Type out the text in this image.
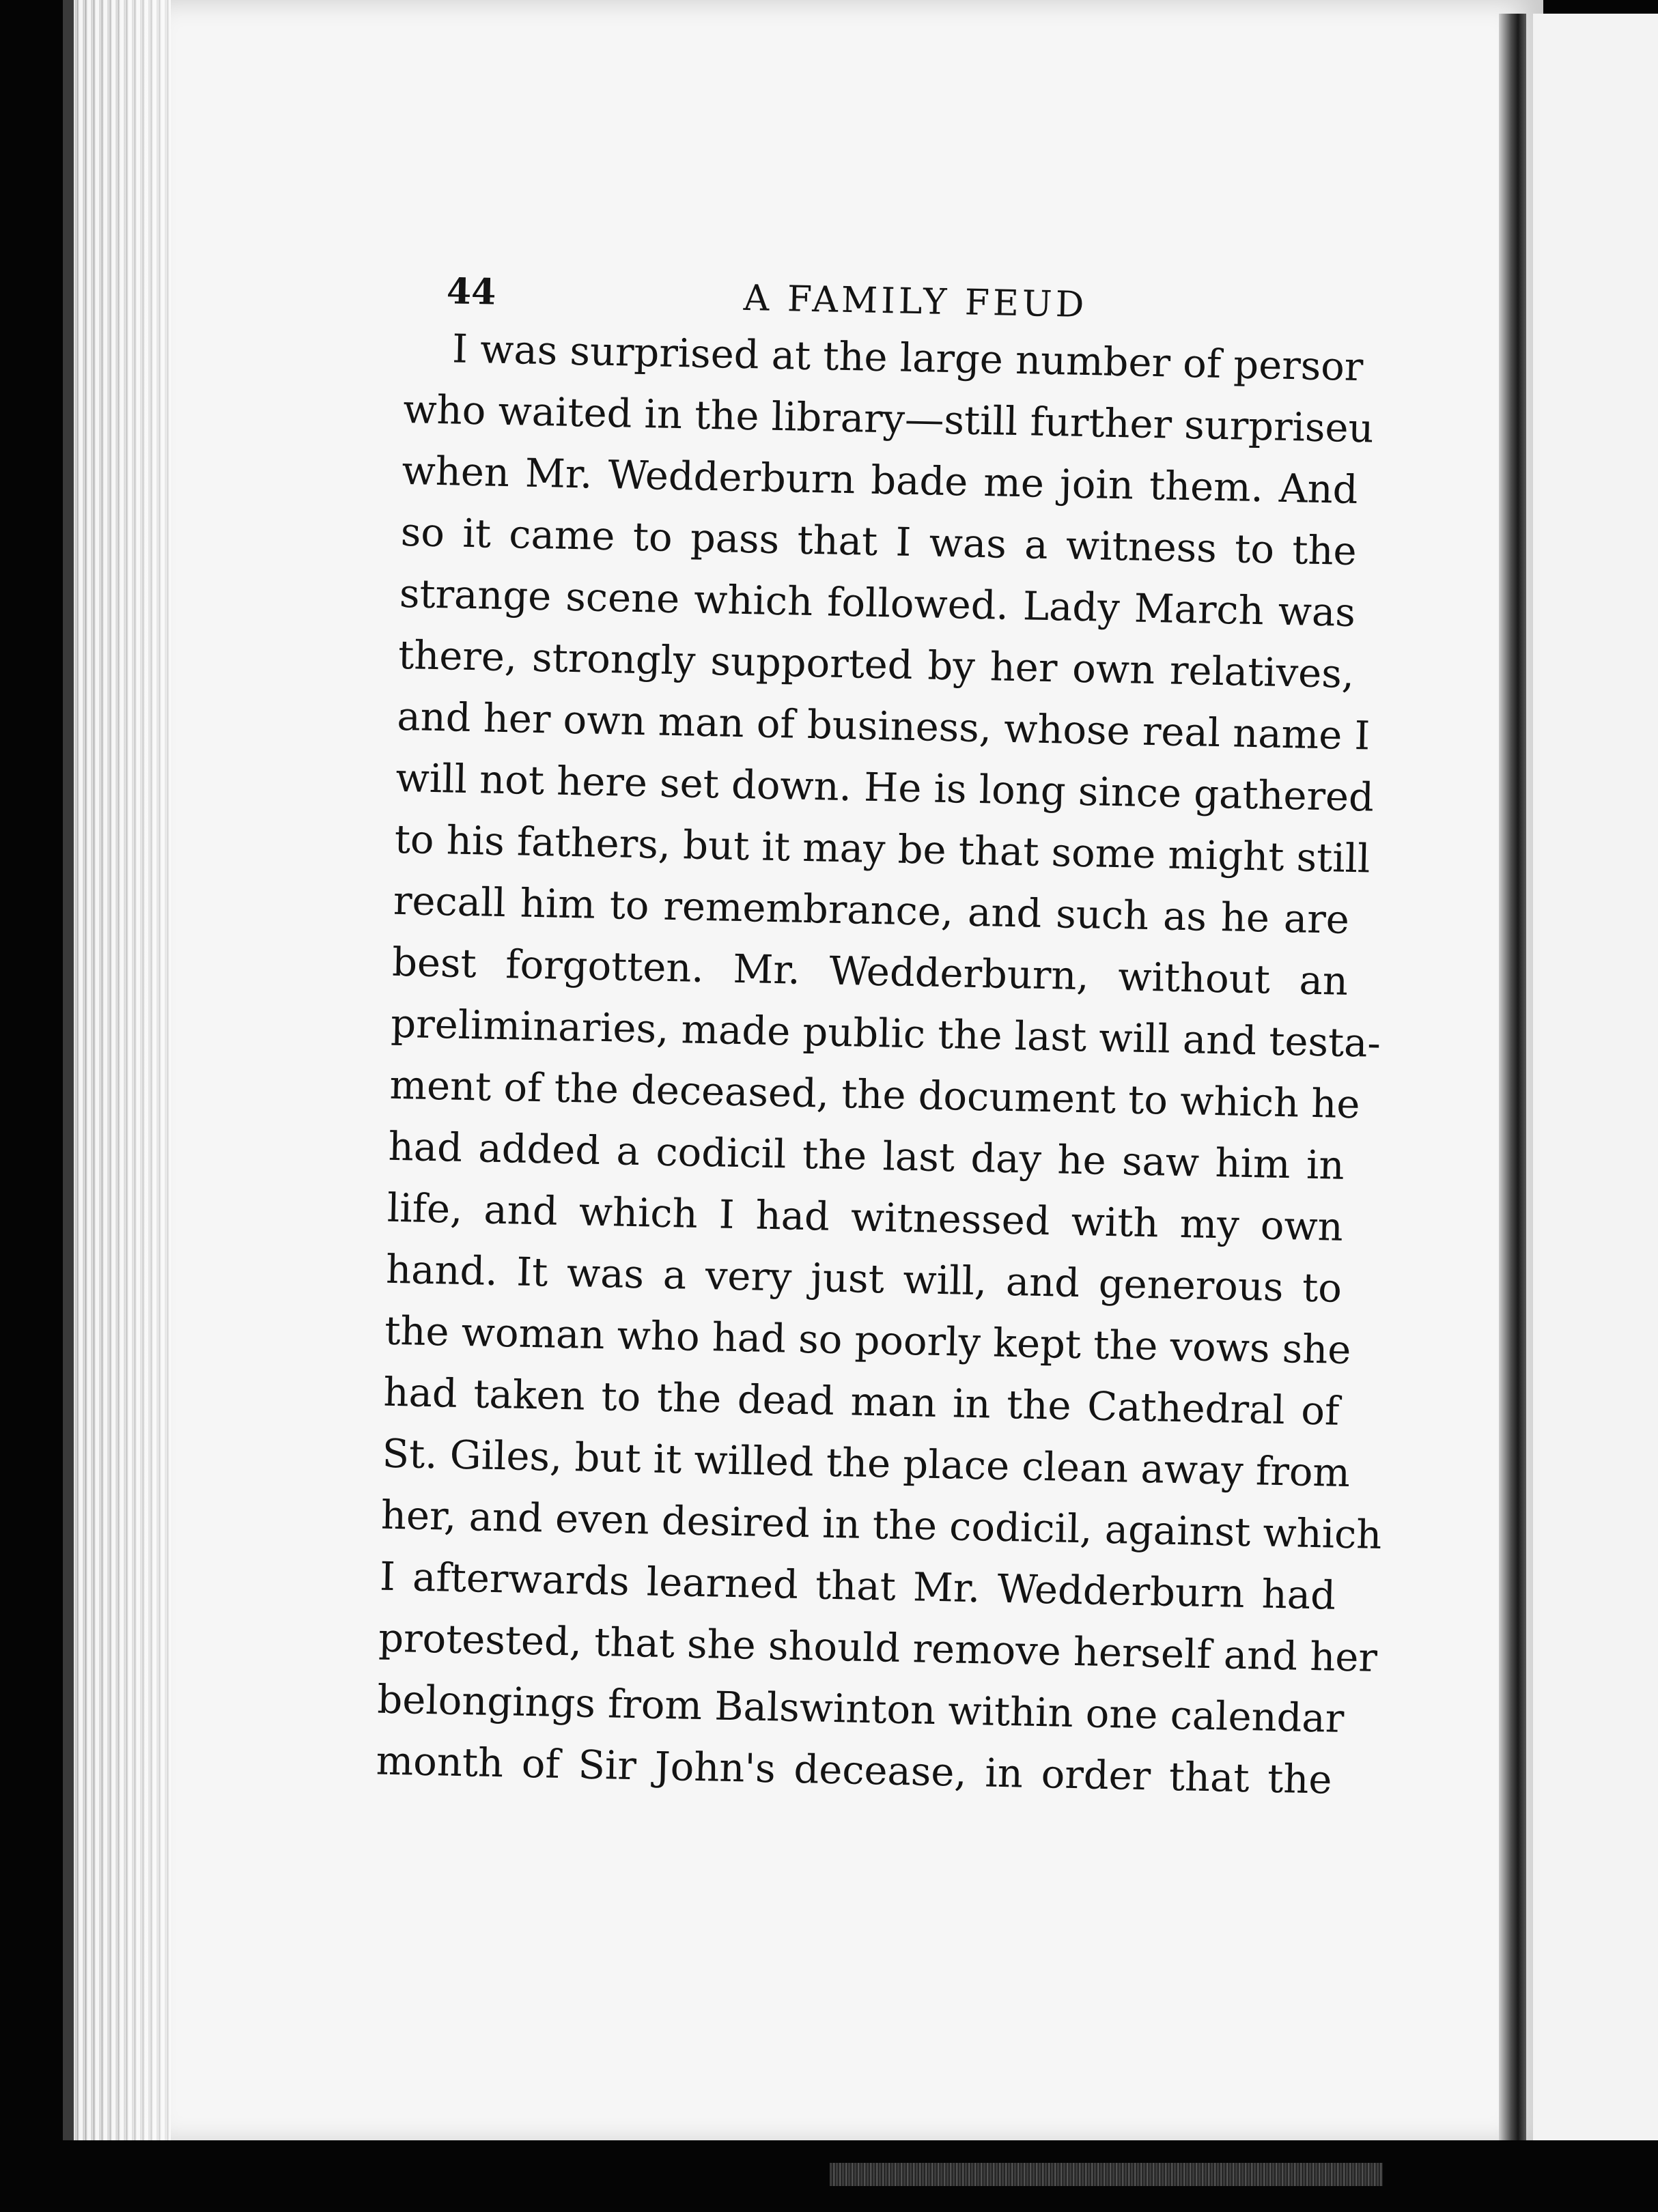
44	A FAMILY FEUD
I was surprised at the large number of persor
who waited in the library—still further surpriseu
when Mr. Wedderburn bade me join them. And
so it came to pass that I was a witness to the
strange scene which followed. Lady March was
there, strongly supported by her own relatives,
and her own man of business, whose real name I
will not here set down. He is long since gathered
to his fathers, but it may be that some might still
recall him to remembrance, and such as he are
best forgotten. Mr. Wedderburn, without an
preliminaries, made public the last will and testa-
ment of the deceased, the document to which he
had added a codicil the last day he saw him in
life, and which I had witnessed with my own
hand. It was a very just will, and generous to
the woman who had so poorly kept the vows she
had taken to the dead man in the Cathedral of
St. Giles, but it willed the place clean away from
her, and even desired in the codicil, against which
I afterwards learned that Mr. Wedderburn had
protested, that she should remove herself and her
belongings from Balswinton within one calendar
month of Sir John's decease, in order that the
